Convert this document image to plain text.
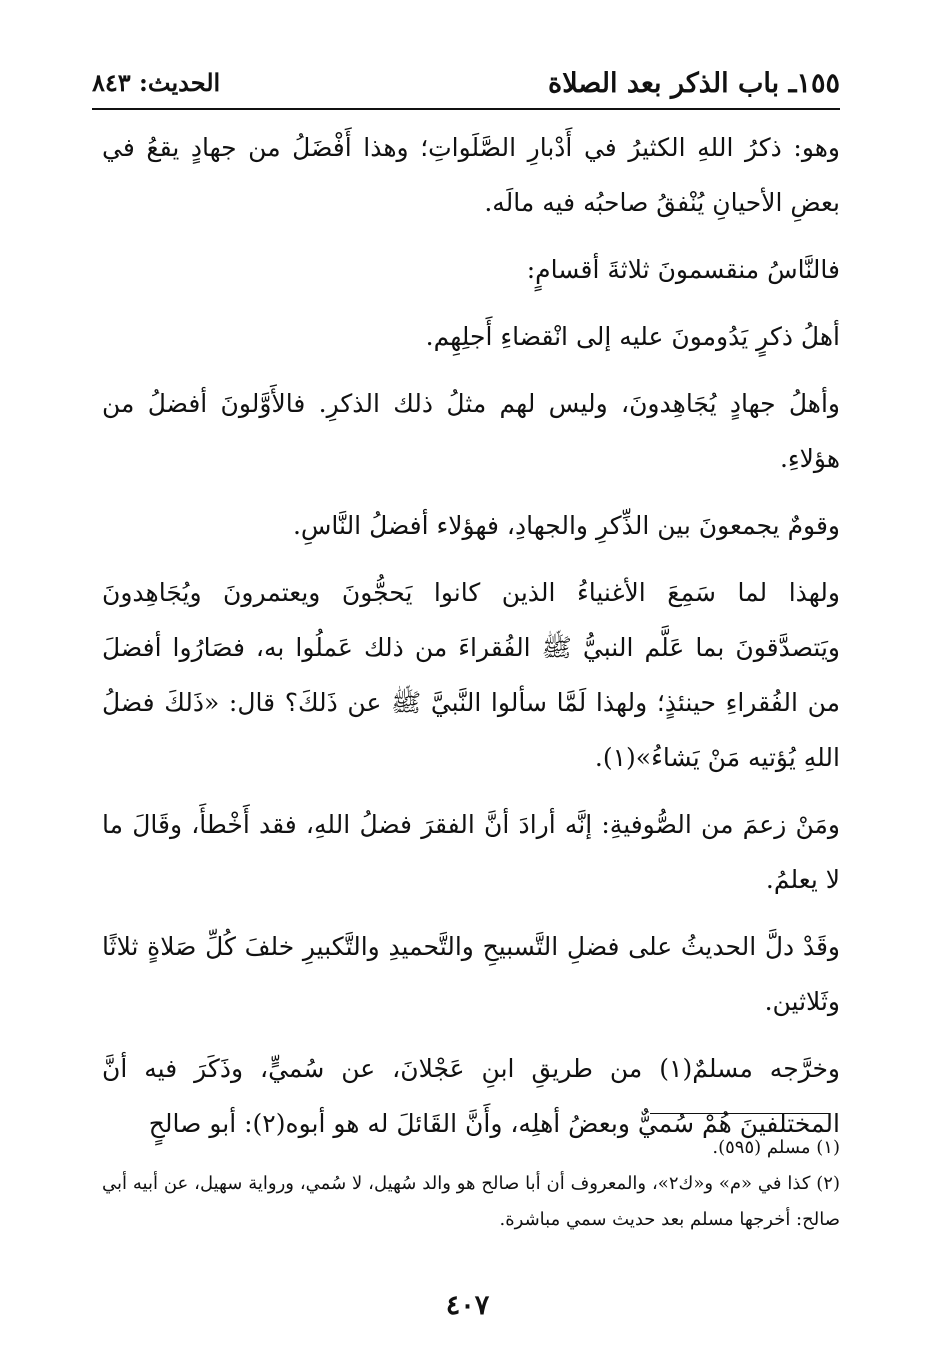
١٥٥ـ باب الذكر بعد الصلاة
الحديث: ٨٤٣

وهو: ذكرُ اللهِ الكثيرُ في أَدْبارِ الصَّلَواتِ؛ وهذا أَفْضَلُ من جهادٍ يقعُ في بعضِ الأحيانِ يُنْفقُ صاحبُه فيه مالَه.

فالنَّاسُ منقسمونَ ثلاثةَ أقسامٍ:

أهلُ ذكرٍ يَدُومونَ عليه إلى انْقضاءِ أَجلِهِم.

وأهلُ جهادٍ يُجَاهِدونَ، وليس لهم مثلُ ذلك الذكرِ. فالأَوَّلونَ أفضلُ من هؤلاءِ.

وقومٌ يجمعونَ بين الذِّكرِ والجهادِ، فهؤلاء أفضلُ النَّاسِ.

ولهذا لما سَمِعَ الأغنياءُ الذين كانوا يَحجُّونَ ويعتمرونَ ويُجَاهِدونَ ويَتصدَّقونَ بما عَلَّم النبيُّ ﷺ الفُقراءَ من ذلك عَملُوا به، فصَارُوا أفضلَ من الفُقراءِ حينئذٍ؛ ولهذا لَمَّا سألوا النَّبيَّ ﷺ عن ذَلكَ؟ قال: «ذَلكَ فضلُ اللهِ يُؤتيه مَنْ يَشاءُ»(١).

ومَنْ زعمَ من الصُّوفيةِ: إنَّه أرادَ أنَّ الفقرَ فضلُ اللهِ، فقد أَخْطأَ، وقَالَ ما لا يعلمُ.

وقَدْ دلَّ الحديثُ على فضلِ التَّسبيحِ والتَّحميدِ والتَّكبيرِ خلفَ كُلِّ صَلاةٍ ثلاثًا وثَلاثين.

وخرَّجه مسلمٌ(١) من طريقِ ابنِ عَجْلانَ، عن سُميٍّ، وذَكَرَ فيه أنَّ المختلفينَ هُمْ سُميٌّ وبعضُ أهلِه، وأَنَّ القَائلَ له هو أبوه(٢): أبو صالحٍ

(١) مسلم (٥٩٥).

(٢) كذا في «م» و«ك٢»، والمعروف أن أبا صالح هو والد سُهيل، لا سُمي، ورواية سهيل، عن أبيه أبي صالح: أخرجها مسلم بعد حديث سمي مباشرة.

٤٠٧
